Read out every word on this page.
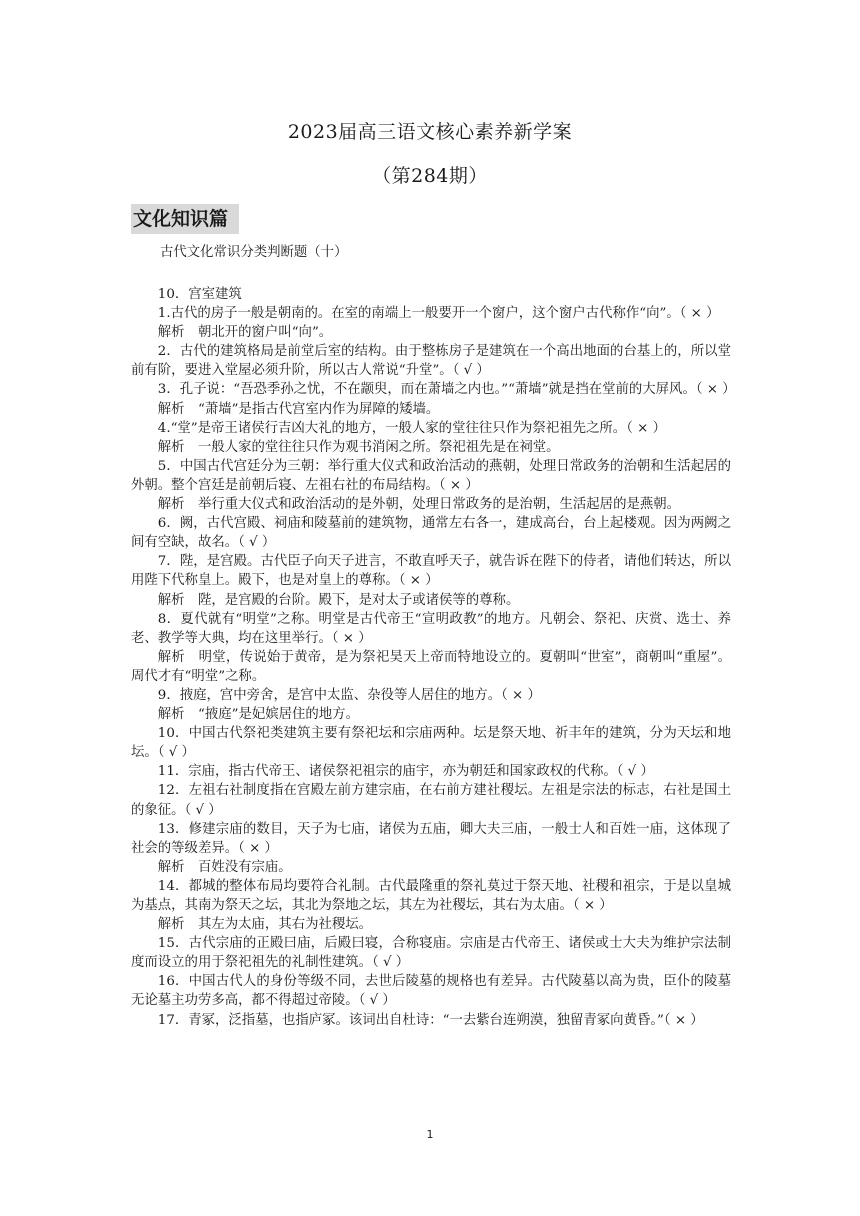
2023届高三语文核心素养新学案
（第284期）
文化知识篇
古代文化常识分类判断题（十）

10．宫室建筑

1.古代的房子一般是朝南的。在室的南端上一般要开一个窗户，这个窗户古代称作“向”。（ × ）

解析　朝北开的窗户叫“向”。

2．古代的建筑格局是前堂后室的结构。由于整栋房子是建筑在一个高出地面的台基上的，所以堂前有阶，要进入堂屋必须升阶，所以古人常说“升堂”。（ √ ）

3．孔子说：“吾恐季孙之忧，不在颛臾，而在萧墙之内也。”“萧墙”就是挡在堂前的大屏风。（ × ）

解析　“萧墙”是指古代宫室内作为屏障的矮墙。

4.“堂”是帝王诸侯行吉凶大礼的地方，一般人家的堂往往只作为祭祀祖先之所。（ × ）

解析　一般人家的堂往往只作为观书消闲之所。祭祀祖先是在祠堂。

5．中国古代宫廷分为三朝：举行重大仪式和政治活动的燕朝，处理日常政务的治朝和生活起居的外朝。整个宫廷是前朝后寝、左祖右社的布局结构。（ × ）

解析　举行重大仪式和政治活动的是外朝，处理日常政务的是治朝，生活起居的是燕朝。

6．阙，古代宫殿、祠庙和陵墓前的建筑物，通常左右各一，建成高台，台上起楼观。因为两阙之间有空缺，故名。（ √ ）

7．陛，是宫殿。古代臣子向天子进言，不敢直呼天子，就告诉在陛下的侍者，请他们转达，所以用陛下代称皇上。殿下，也是对皇上的尊称。（ × ）

解析　陛，是宫殿的台阶。殿下，是对太子或诸侯等的尊称。

8．夏代就有“明堂”之称。明堂是古代帝王“宣明政教”的地方。凡朝会、祭祀、庆赏、选士、养老、教学等大典，均在这里举行。（ × ）

解析　明堂，传说始于黄帝，是为祭祀昊天上帝而特地设立的。夏朝叫“世室”，商朝叫“重屋”。周代才有“明堂”之称。

9．掖庭，宫中旁舍，是宫中太监、杂役等人居住的地方。（ × ）

解析　“掖庭”是妃嫔居住的地方。

10．中国古代祭祀类建筑主要有祭祀坛和宗庙两种。坛是祭天地、祈丰年的建筑，分为天坛和地坛。（ √ ）

11．宗庙，指古代帝王、诸侯祭祀祖宗的庙宇，亦为朝廷和国家政权的代称。（ √ ）

12．左祖右社制度指在宫殿左前方建宗庙，在右前方建社稷坛。左祖是宗法的标志，右社是国土的象征。（ √ ）

13．修建宗庙的数目，天子为七庙，诸侯为五庙，卿大夫三庙，一般士人和百姓一庙，这体现了社会的等级差异。（ × ）

解析　百姓没有宗庙。

14．都城的整体布局均要符合礼制。古代最隆重的祭礼莫过于祭天地、社稷和祖宗，于是以皇城为基点，其南为祭天之坛，其北为祭地之坛，其左为社稷坛，其右为太庙。（ × ）

解析　其左为太庙，其右为社稷坛。

15．古代宗庙的正殿曰庙，后殿曰寝，合称寝庙。宗庙是古代帝王、诸侯或士大夫为维护宗法制度而设立的用于祭祀祖先的礼制性建筑。（ √ ）

16．中国古代人的身份等级不同，去世后陵墓的规格也有差异。古代陵墓以高为贵，臣仆的陵墓无论墓主功劳多高，都不得超过帝陵。（ √ ）

17．青冢，泛指墓，也指庐冢。该词出自杜诗：“一去紫台连朔漠，独留青冢向黄昏。”（ × ）

1
